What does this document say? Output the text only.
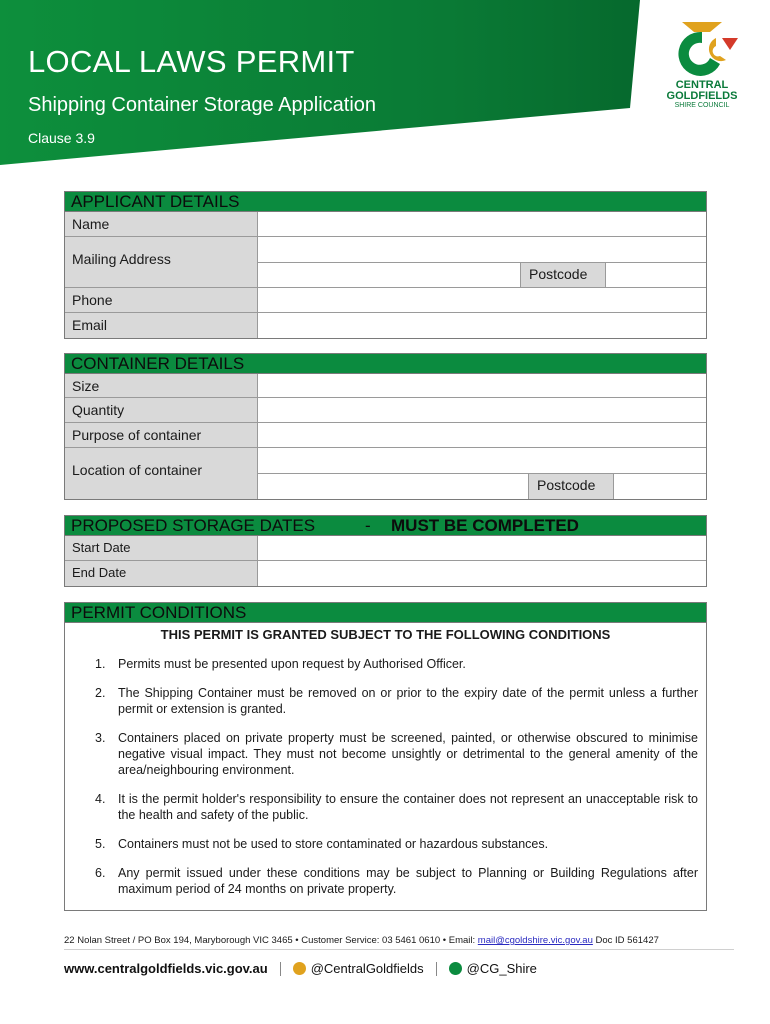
LOCAL LAWS PERMIT
Shipping Container Storage Application
Clause 3.9
CENTRAL
GOLDFIELDS
SHIRE COUNCIL
APPLICANT DETAILS
Name
Mailing Address
Postcode
Phone
Email
CONTAINER DETAILS
Size
Quantity
Purpose of container
Location of container
Postcode
PROPOSED STORAGE DATES	- MUST BE COMPLETED
Start Date
End Date
PERMIT CONDITIONS
THIS PERMIT IS GRANTED SUBJECT TO THE FOLLOWING CONDITIONS
1.	Permits must be presented upon request by Authorised Officer.
2.	The Shipping Container must be removed on or prior to the expiry date of the permit unless a further permit or extension is granted.
3.	Containers placed on private property must be screened, painted, or otherwise obscured to minimise negative visual impact. They must not become unsightly or detrimental to the general amenity of the area/neighbouring environment.
4.	It is the permit holder's responsibility to ensure the container does not represent an unacceptable risk to the health and safety of the public.
5.	Containers must not be used to store contaminated or hazardous substances.
6.	Any permit issued under these conditions may be subject to Planning or Building Regulations after maximum period of 24 months on private property.
22 Nolan Street / PO Box 194, Maryborough VIC 3465 • Customer Service: 03 5461 0610 • Email: mail@cgoldshire.vic.gov.au Doc ID 561427
www.centralgoldfields.vic.gov.au	@CentralGoldfields	@CG_Shire
